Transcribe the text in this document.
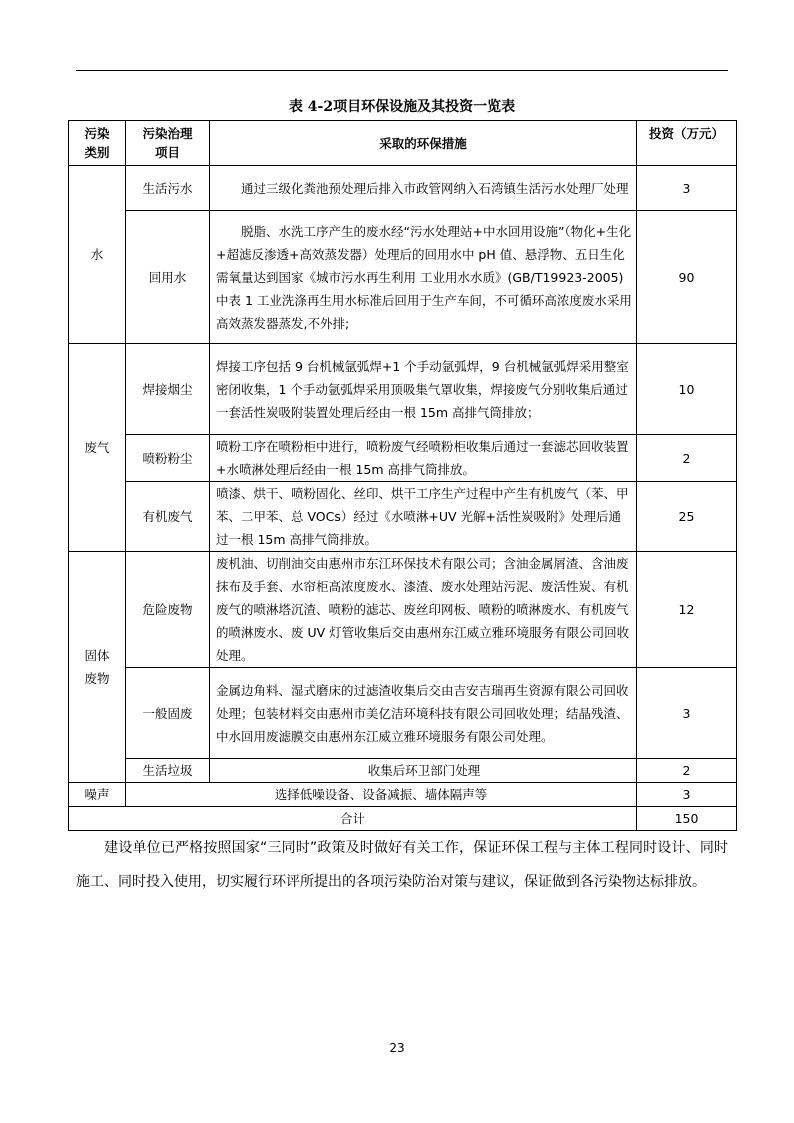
表 4-2项目环保设施及其投资一览表
污染类别	污染治理项目	采取的环保措施	投资（万元）
水	生活污水	　　通过三级化粪池预处理后排入市政管网纳入石湾镇生活污水处理厂处理	3
	回用水	　　脱脂、水洗工序产生的废水经“污水处理站+中水回用设施”（物化+生化+超滤反渗透+高效蒸发器）处理后的回用水中 pH 值、悬浮物、五日生化需氧量达到国家《城市污水再生利用 工业用水水质》(GB/T19923-2005)中表 1 工业洗涤再生用水标准后回用于生产车间，不可循环高浓度废水采用高效蒸发器蒸发,不外排;	90
废气	焊接烟尘	焊接工序包括 9 台机械氩弧焊+1 个手动氩弧焊，9 台机械氩弧焊采用整室密闭收集，1 个手动氩弧焊采用顶吸集气罩收集，焊接废气分别收集后通过一套活性炭吸附装置处理后经由一根 15m 高排气筒排放；	10
	喷粉粉尘	喷粉工序在喷粉柜中进行，喷粉废气经喷粉柜收集后通过一套滤芯回收装置+水喷淋处理后经由一根 15m 高排气筒排放。	2
	有机废气	喷漆、烘干、喷粉固化、丝印、烘干工序生产过程中产生有机废气（苯、甲苯、二甲苯、总 VOCs）经过《水喷淋+UV 光解+活性炭吸附》处理后通过一根 15m 高排气筒排放。	25
固体废物	危险废物	废机油、切削油交由惠州市东江环保技术有限公司；含油金属屑渣、含油废抹布及手套、水帘柜高浓度废水、漆渣、废水处理站污泥、废活性炭、有机废气的喷淋塔沉渣、喷粉的滤芯、废丝印网板、喷粉的喷淋废水、有机废气的喷淋废水、废 UV 灯管收集后交由惠州东江威立雅环境服务有限公司回收处理。	12
	一般固废	金属边角料、湿式磨床的过滤渣收集后交由吉安吉瑞再生资源有限公司回收处理；包装材料交由惠州市美亿洁环境科技有限公司回收处理；结晶残渣、中水回用废滤膜交由惠州东江威立雅环境服务有限公司处理。	3
	生活垃圾	收集后环卫部门处理	2
噪声	选择低噪设备、设备减振、墙体隔声等		3
合计			150
建设单位已严格按照国家“三同时”政策及时做好有关工作，保证环保工程与主体工程同时设计、同时施工、同时投入使用，切实履行环评所提出的各项污染防治对策与建议，保证做到各污染物达标排放。
23
